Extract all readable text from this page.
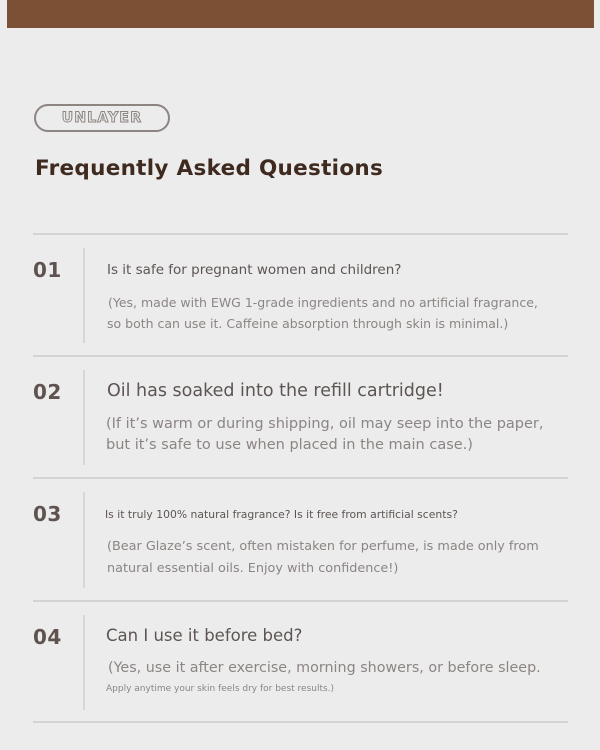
UNLAYER
Frequently Asked Questions
01	Is it safe for pregnant women and children?

(Yes, made with EWG 1-grade ingredients and no artificial fragrance,

so both can use it. Caffeine absorption through skin is minimal.)

02	Oil has soaked into the refill cartridge!

(If it’s warm or during shipping, oil may seep into the paper,

but it’s safe to use when placed in the main case.)

03	Is it truly 100% natural fragrance? Is it free from artificial scents?

(Bear Glaze’s scent, often mistaken for perfume, is made only from

natural essential oils. Enjoy with confidence!)

04	Can I use it before bed?

(Yes, use it after exercise, morning showers, or before sleep.

Apply anytime your skin feels dry for best results.)
